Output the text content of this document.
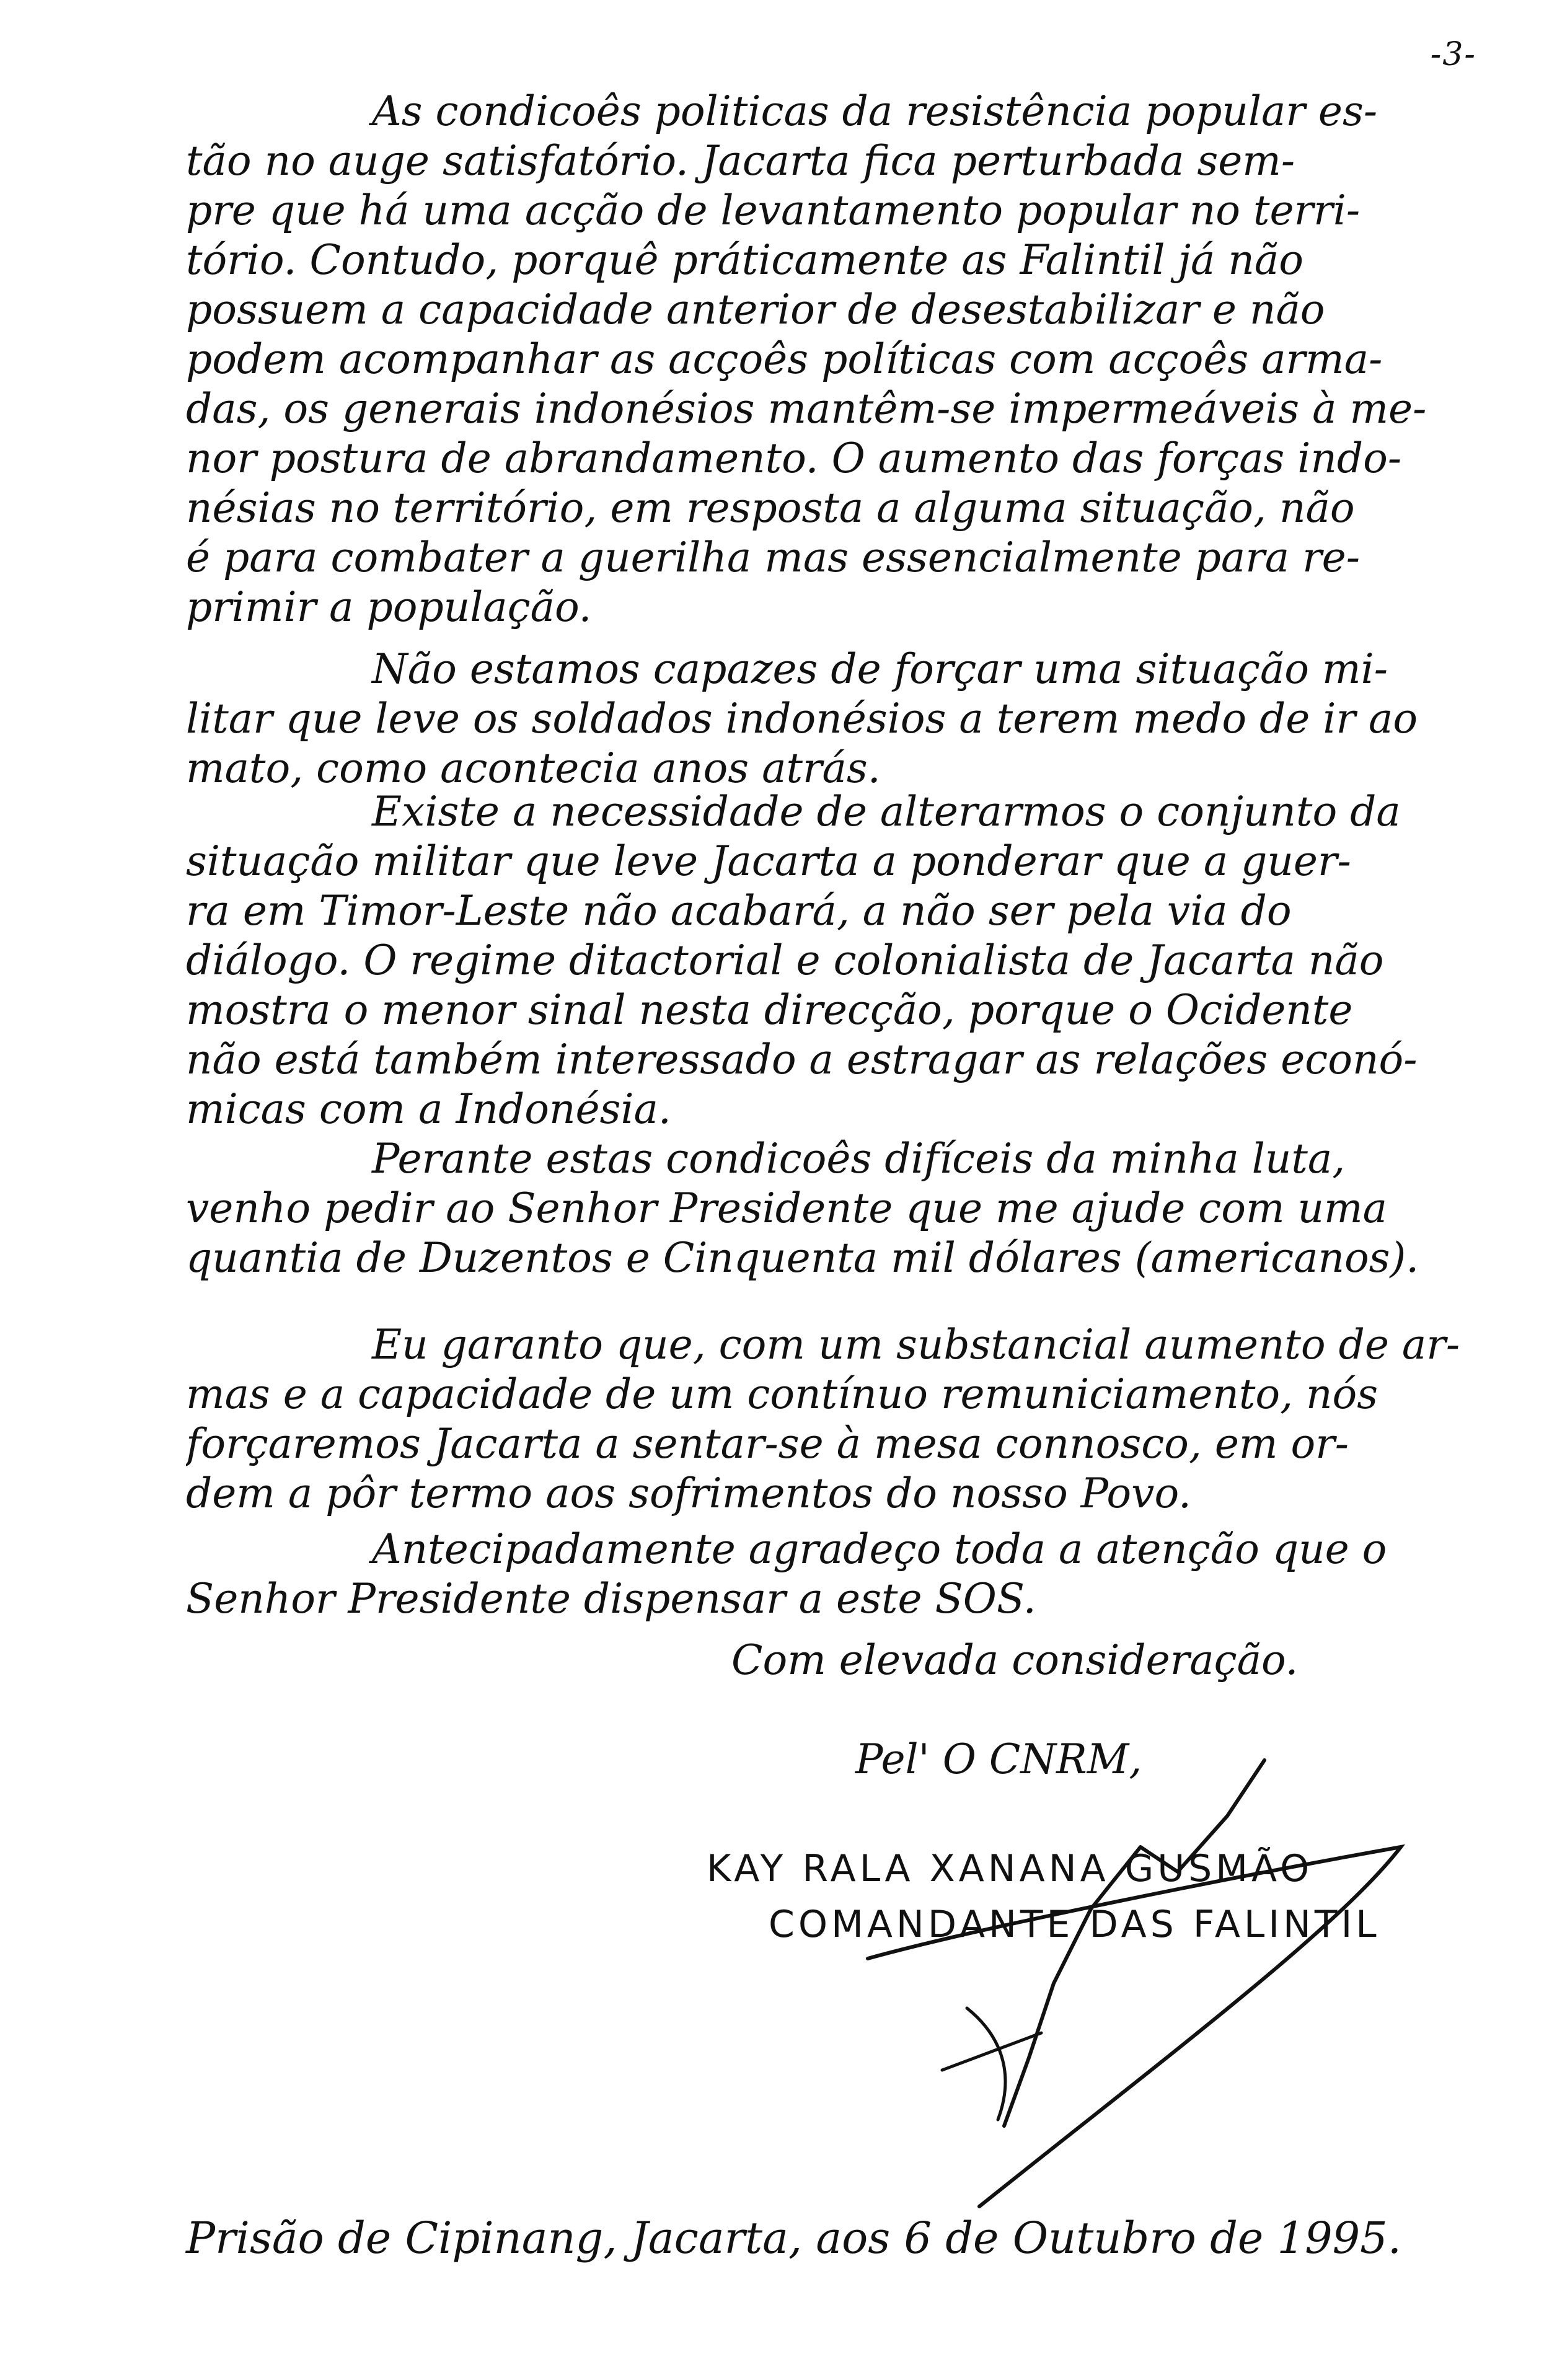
-3-
As condicoês politicas da resistência popular es-
tão no auge satisfatório. Jacarta fica perturbada sem-
pre que há uma acção de levantamento popular no terri-
tório. Contudo, porquê práticamente as Falintil já não
possuem a capacidade anterior de desestabilizar e não
podem acompanhar as acçoês políticas com acçoês arma-
das, os generais indonésios mantêm-se impermeáveis à me-
nor postura de abrandamento. O aumento das forças indo-
nésias no território, em resposta a alguma situação, não
é para combater a guerilha mas essencialmente para re-
primir a população.
Não estamos capazes de forçar uma situação mi-
litar que leve os soldados indonésios a terem medo de ir ao
mato, como acontecia anos atrás.
Existe a necessidade de alterarmos o conjunto da
situação militar que leve Jacarta a ponderar que a guer-
ra em Timor-Leste não acabará, a não ser pela via do
diálogo. O regime ditactorial e colonialista de Jacarta não
mostra o menor sinal nesta direcção, porque o Ocidente
não está também interessado a estragar as relações econó-
micas com a Indonésia.
Perante estas condicoês difíceis da minha luta,
venho pedir ao Senhor Presidente que me ajude com uma
quantia de Duzentos e Cinquenta mil dólares (americanos).
Eu garanto que, com um substancial aumento de ar-
mas e a capacidade de um contínuo remuniciamento, nós
forçaremos Jacarta a sentar-se à mesa connosco, em or-
dem a pôr termo aos sofrimentos do nosso Povo.
Antecipadamente agradeço toda a atenção que o
Senhor Presidente dispensar a este SOS.
Com elevada consideração.
Pel' O CNRM,
KAY RALA XANANA GUSMÃO
COMANDANTE DAS FALINTIL
Prisão de Cipinang, Jacarta, aos 6 de Outubro de 1995.
